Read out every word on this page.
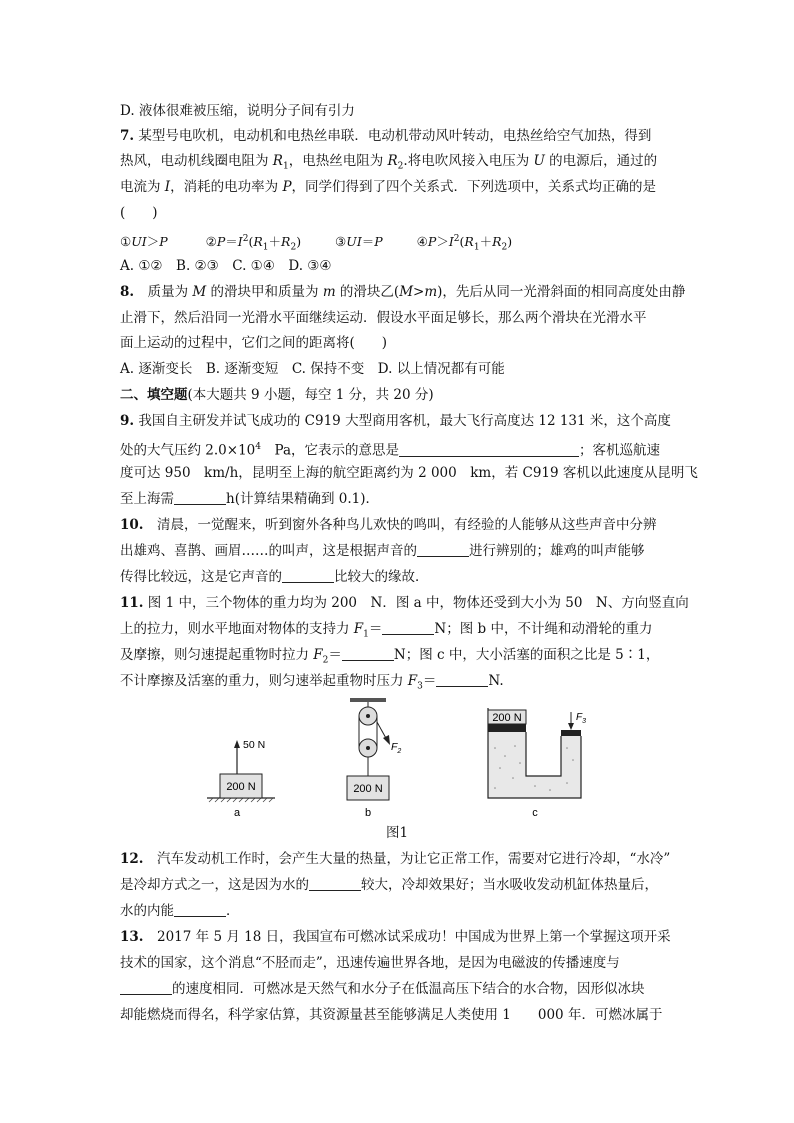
D. 液体很难被压缩，说明分子间有引力
7. 某型号电吹机，电动机和电热丝串联．电动机带动风叶转动，电热丝给空气加热，得到
热风，电动机线圈电阻为 $R_1$，电热丝电阻为 $R_2$.将电吹风接入电压为 U 的电源后，通过的
电流为 I，消耗的电功率为 P，同学们得到了四个关系式．下列选项中，关系式均正确的是
(　　)
①UI＞P	$②P=I^2(R_1+R_2)$	③UI＝P	$④P>I^2(R_1+R_2)$
A. ①②　B. ②③　C. ①④　D. ③④
8.　质量为 M 的滑块甲和质量为 m 的滑块乙(M>m)，先后从同一光滑斜面的相同高度处由静
止滑下，然后沿同一光滑水平面继续运动．假设水平面足够长，那么两个滑块在光滑水平
面上运动的过程中，它们之间的距离将(　　)
A. 逐渐变长　B. 逐渐变短　C. 保持不变　D. 以上情况都有可能
二、填空题(本大题共 9 小题，每空 1 分，共 20 分)
9. 我国自主研发并试飞成功的 C919 大型商用客机，最大飞行高度达 12 131 米，这个高度
处的大气压约 $2.0\times 10^4$　Pa，它表示的意思是	；客机巡航速
度可达 950　km/h，昆明至上海的航空距离约为 2 000　km，若 C919 客机以此速度从昆明飞
至上海需	h(计算结果精确到 0.1)．
10.　清晨，一觉醒来，听到窗外各种鸟儿欢快的鸣叫，有经验的人能够从这些声音中分辨
出雄鸡、喜鹊、画眉……的叫声，这是根据声音的	进行辨别的；雄鸡的叫声能够
传得比较远，这是它声音的	比较大的缘故．
11. 图 1 中，三个物体的重力均为 200　N．图 a 中，物体还受到大小为 50　N、方向竖直向
上的拉力，则水平地面对物体的支持力 $F_1=$	N；图 b 中，不计绳和动滑轮的重力
及摩擦，则匀速提起重物时拉力 $F_2=$	N；图 c 中，大小活塞的面积之比是 5∶1，
不计摩擦及活塞的重力，则匀速举起重物时压力 $F_3=$	N.
200 N
50 N
a
$F_2$
200 N
b
200 N	$F_3$
c
图1
12.　汽车发动机工作时，会产生大量的热量，为让它正常工作，需要对它进行冷却，“水冷”
是冷却方式之一，这是因为水的	较大，冷却效果好；当水吸收发动机缸体热量后，
水的内能	．
13.　2017 年 5 月 18 日，我国宣布可燃冰试采成功！中国成为世界上第一个掌握这项开采
技术的国家，这个消息“不胫而走”，迅速传遍世界各地，是因为电磁波的传播速度与
的速度相同．可燃冰是天然气和水分子在低温高压下结合的水合物，因形似冰块
却能燃烧而得名，科学家估算，其资源量甚至能够满足人类使用 1　　000 年．可燃冰属于
